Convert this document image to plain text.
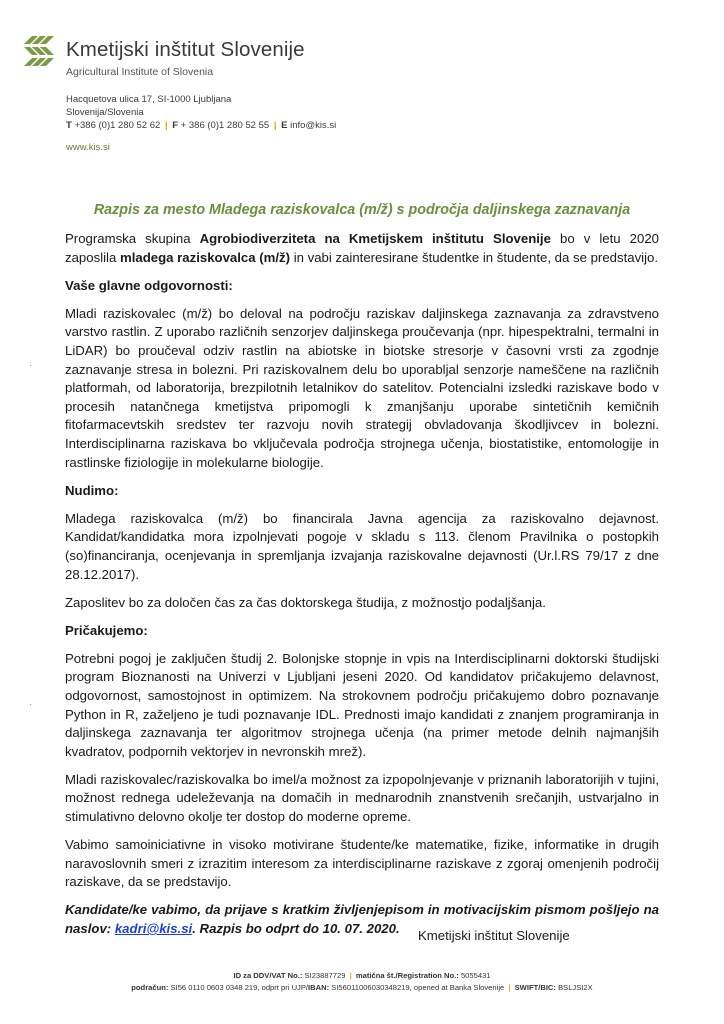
Kmetijski inštitut Slovenije
Agricultural Institute of Slovenia
Hacquetova ulica 17, SI-1000 Ljubljana
Slovenija/Slovenia
T +386 (0)1 280 52 62 | F + 386 (0)1 280 52 55 | E info@kis.si
www.kis.si
·
·
Razpis za mesto Mladega raziskovalca (m/ž) s področja daljinskega zaznavanja

Programska skupina Agrobiodiverziteta na Kmetijskem inštitutu Slovenije bo v letu 2020 zaposlila mladega raziskovalca (m/ž) in vabi zainteresirane študentke in študente, da se predstavijo.

Vaše glavne odgovornosti:

Mladi raziskovalec (m/ž) bo deloval na področju raziskav daljinskega zaznavanja za zdravstveno varstvo rastlin. Z uporabo različnih senzorjev daljinskega proučevanja (npr. hipespektralni, termalni in LiDAR) bo proučeval odziv rastlin na abiotske in biotske stresorje v časovni vrsti za zgodnje zaznavanje stresa in bolezni. Pri raziskovalnem delu bo uporabljal senzorje nameščene na različnih platformah, od laboratorija, brezpilotnih letalnikov do satelitov. Potencialni izsledki raziskave bodo v procesih natančnega kmetijstva pripomogli k zmanjšanju uporabe sintetičnih kemičnih fitofarmacevtskih sredstev ter razvoju novih strategij obvladovanja škodljivcev in bolezni. Interdisciplinarna raziskava bo vključevala področja strojnega učenja, biostatistike, entomologije in rastlinske fiziologije in molekularne biologije.

Nudimo:

Mladega raziskovalca (m/ž) bo financirala Javna agencija za raziskovalno dejavnost. Kandidat/kandidatka mora izpolnjevati pogoje v skladu s 113. členom Pravilnika o postopkih (so)financiranja, ocenjevanja in spremljanja izvajanja raziskovalne dejavnosti (Ur.l.RS 79/17 z dne 28.12.2017).

Zaposlitev bo za določen čas za čas doktorskega študija, z možnostjo podaljšanja.

Pričakujemo:

Potrebni pogoj je zaključen študij 2. Bolonjske stopnje in vpis na Interdisciplinarni doktorski študijski program Bioznanosti na Univerzi v Ljubljani jeseni 2020. Od kandidatov pričakujemo delavnost, odgovornost, samostojnost in optimizem. Na strokovnem področju pričakujemo dobro poznavanje Python in R, zaželjeno je tudi poznavanje IDL. Prednosti imajo kandidati z znanjem programiranja in daljinskega zaznavanja ter algoritmov strojnega učenja (na primer metode delnih najmanjših kvadratov, podpornih vektorjev in nevronskih mrež).

Mladi raziskovalec/raziskovalka bo imel/a možnost za izpopolnjevanje v priznanih laboratorijih v tujini, možnost rednega udeleževanja na domačih in mednarodnih znanstvenih srečanjih, ustvarjalno in stimulativno delovno okolje ter dostop do moderne opreme.

Vabimo samoiniciativne in visoko motivirane študente/ke matematike, fizike, informatike in drugih naravoslovnih smeri z izrazitim interesom za interdisciplinarne raziskave z zgoraj omenjenih področij raziskave, da se predstavijo.

Kandidate/ke vabimo, da prijave s kratkim življenjepisom in motivacijskim pismom pošljejo na naslov: kadri@kis.si. Razpis bo odprt do 10. 07. 2020.	Kmetijski inštitut Slovenije
ID za DDV/VAT No.: SI23887729 | matična št./Registration No.: 5055431
podračun: SI56 0110 0603 0348 219, odprt pri UJP/IBAN: SI56011006030348219, opened at Banka Slovenije | SWIFT/BIC: BSLJSI2X
